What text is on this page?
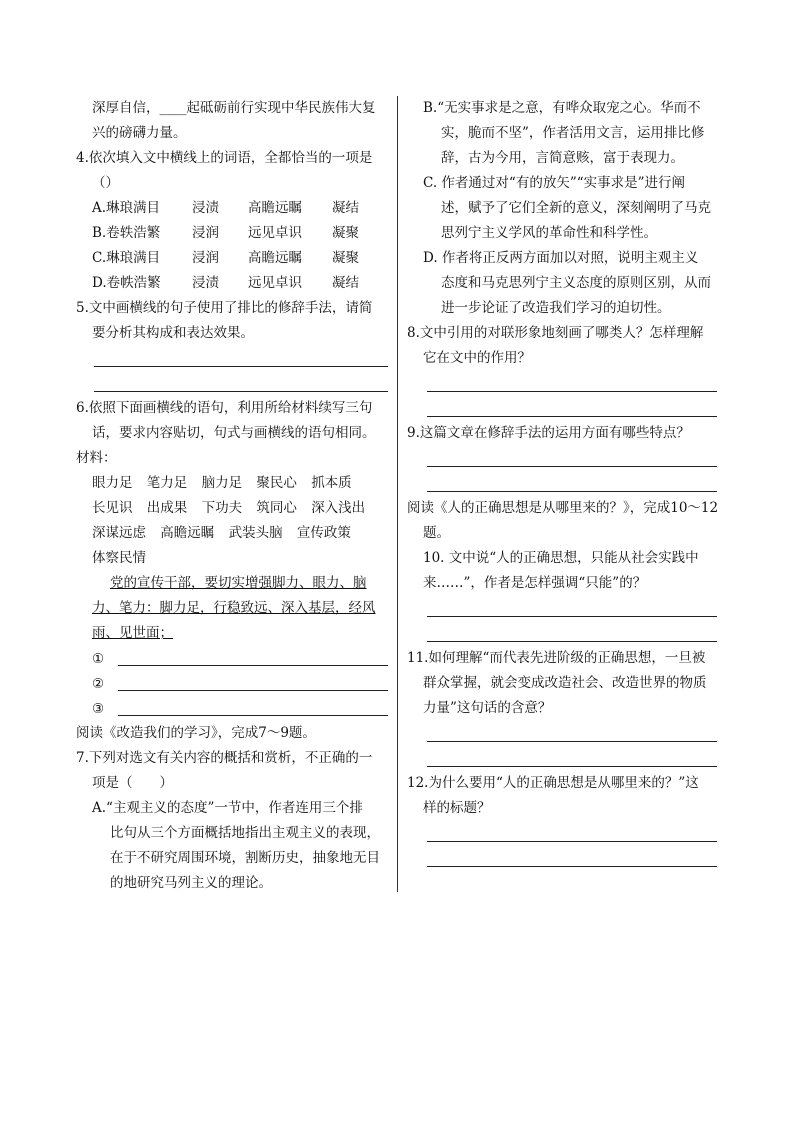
深厚自信，____起砥砺前行实现中华民族伟大复
兴的磅礴力量。
4.依次填入文中横线上的词语，全都恰当的一项是
（）
A.琳琅满目	浸渍	高瞻远瞩	凝结
B.卷轶浩繁	浸润	远见卓识	凝聚
C.琳琅满目	浸润	高瞻远瞩	凝聚
D.卷帙浩繁	浸渍	远见卓识	凝结
5.文中画横线的句子使用了排比的修辞手法，请简
要分析其构成和表达效果。
6.依照下面画横线的语句，利用所给材料续写三句
话，要求内容贴切，句式与画横线的语句相同。
材料：
眼力足 笔力足 脑力足 聚民心 抓本质
长见识 出成果 下功夫 筑同心 深入浅出
深谋远虑 高瞻远瞩 武装头脑 宣传政策
体察民情
党的宣传干部，要切实增强脚力、眼力、脑
力、笔力：脚力足，行稳致远、深入基层，经风
雨、见世面；
①
②
③
阅读《改造我们的学习》，完成7～9题。
7.下列对选文有关内容的概括和赏析，不正确的一
项是（　　）
A.“主观主义的态度”一节中，作者连用三个排
比句从三个方面概括地指出主观主义的表现，
在于不研究周围环境，割断历史，抽象地无目
的地研究马列主义的理论。
B.“无实事求是之意，有哗众取宠之心。华而不
实，脆而不坚”，作者活用文言，运用排比修
辞，古为今用，言简意赅，富于表现力。
C. 作者通过对“有的放矢”“实事求是”进行阐
述，赋予了它们全新的意义，深刻阐明了马克
思列宁主义学风的革命性和科学性。
D. 作者将正反两方面加以对照，说明主观主义
态度和马克思列宁主义态度的原则区别，从而
进一步论证了改造我们学习的迫切性。
8.文中引用的对联形象地刻画了哪类人？怎样理解
它在文中的作用？
9.这篇文章在修辞手法的运用方面有哪些特点？
阅读《人的正确思想是从哪里来的？》，完成10～12
题。
10. 文中说“人的正确思想，只能从社会实践中
来……”，作者是怎样强调“只能”的？
11.如何理解“而代表先进阶级的正确思想，一旦被
群众掌握，就会变成改造社会、改造世界的物质
力量”这句话的含意？
12.为什么要用“人的正确思想是从哪里来的？”这
样的标题？
